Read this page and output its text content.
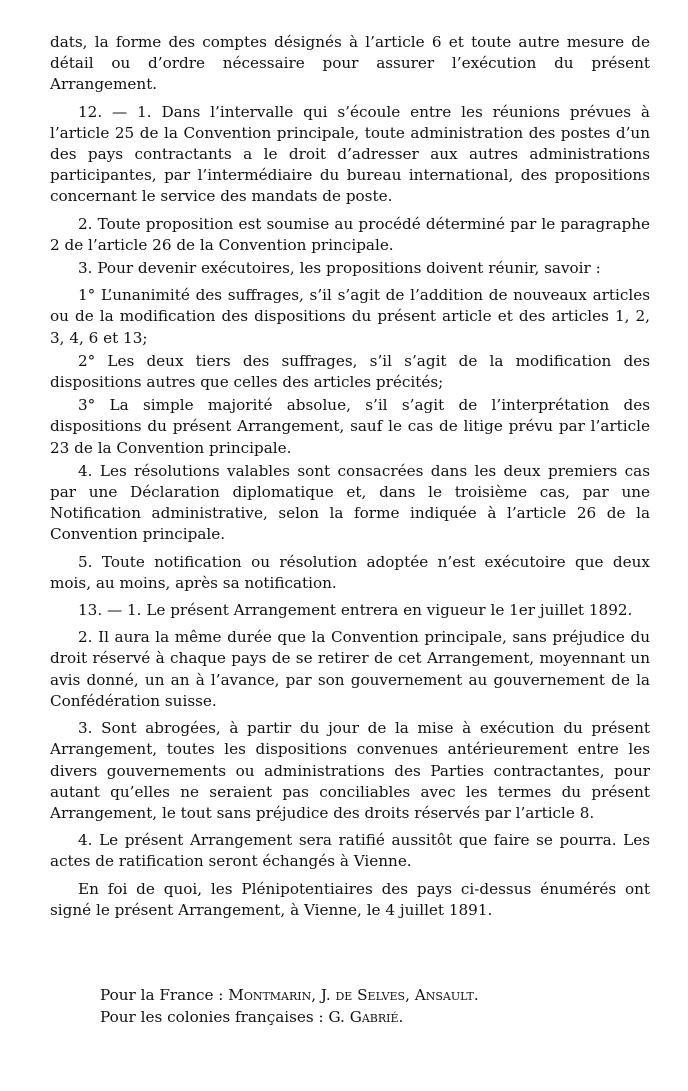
dats, la forme des comptes désignés à l’article 6 et toute autre mesure de détail ou d’ordre nécessaire pour assurer l’exécution du présent Arrangement.

12. — 1. Dans l’intervalle qui s’écoule entre les réunions prévues à l’article 25 de la Convention principale, toute administration des postes d’un des pays contractants a le droit d’adresser aux autres administrations participantes, par l’intermédiaire du bureau international, des propositions concernant le service des mandats de poste.

2. Toute proposition est soumise au procédé déterminé par le paragraphe 2 de l’article 26 de la Convention principale.

3. Pour devenir exécutoires, les propositions doivent réunir, savoir :

1° L’unanimité des suffrages, s’il s’agit de l’addition de nouveaux articles ou de la modification des dispositions du présent article et des articles 1, 2, 3, 4, 6 et 13;

2° Les deux tiers des suffrages, s’il s’agit de la modification des dispositions autres que celles des articles précités;

3° La simple majorité absolue, s’il s’agit de l’interprétation des dispositions du présent Arrangement, sauf le cas de litige prévu par l’article 23 de la Convention principale.

4. Les résolutions valables sont consacrées dans les deux premiers cas par une Déclaration diplomatique et, dans le troisième cas, par une Notification administrative, selon la forme indiquée à l’article 26 de la Convention principale.

5. Toute notification ou résolution adoptée n’est exécutoire que deux mois, au moins, après sa notification.

13. — 1. Le présent Arrangement entrera en vigueur le 1er juillet 1892.

2. Il aura la même durée que la Convention principale, sans préjudice du droit réservé à chaque pays de se retirer de cet Arrangement, moyennant un avis donné, un an à l’avance, par son gouvernement au gouvernement de la Confédération suisse.

3. Sont abrogées, à partir du jour de la mise à exécution du présent Arrangement, toutes les dispositions convenues antérieurement entre les divers gouvernements ou administrations des Parties contractantes, pour autant qu’elles ne seraient pas conciliables avec les termes du présent Arrangement, le tout sans préjudice des droits réservés par l’article 8.

4. Le présent Arrangement sera ratifié aussitôt que faire se pourra. Les actes de ratification seront échangés à Vienne.

En foi de quoi, les Plénipotentiaires des pays ci-dessus énumérés ont signé le présent Arrangement, à Vienne, le 4 juillet 1891.

Pour la France : Montmarin, J. de Selves, Ansault.

Pour les colonies françaises : G. Gabrié.
